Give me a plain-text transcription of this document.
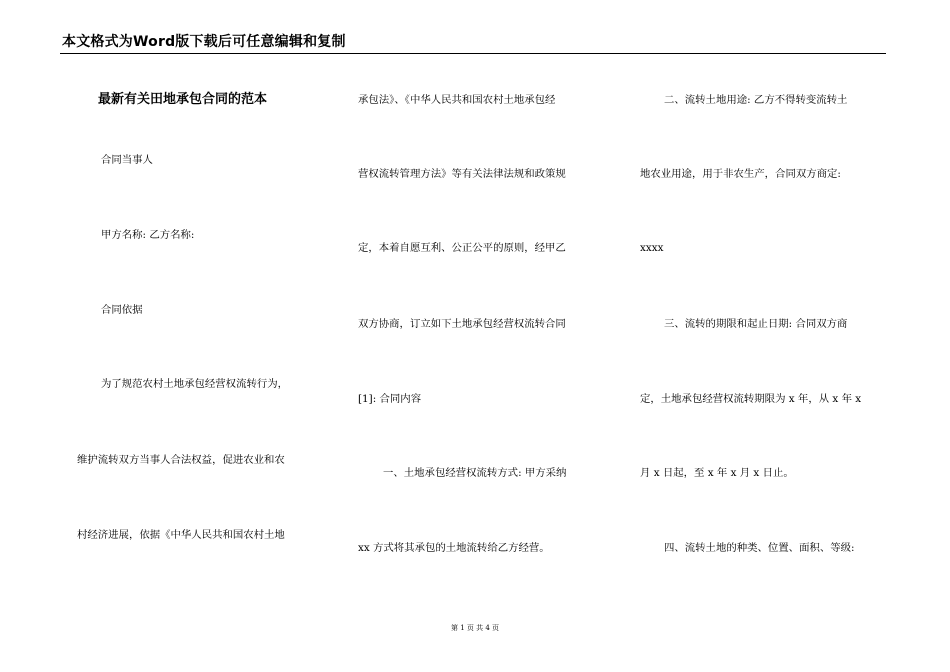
本文格式为Word版下载后可任意编辑和复制
最新有关田地承包合同的范本
合同当事人
甲方名称: 乙方名称:
合同依据
为了规范农村土地承包经营权流转行为，
维护流转双方当事人合法权益，促进农业和农
村经济进展，依据《中华人民共和国农村土地
承包法》、《中华人民共和国农村土地承包经
营权流转管理方法》等有关法律法规和政策规
定，本着自愿互利、公正公平的原则，经甲乙
双方协商，订立如下土地承包经营权流转合同
[1]: 合同内容
一、土地承包经营权流转方式: 甲方采纳
xx 方式将其承包的土地流转给乙方经营。
二、流转土地用途: 乙方不得转变流转土
地农业用途，用于非农生产，合同双方商定:
xxxx
三、流转的期限和起止日期: 合同双方商
定，土地承包经营权流转期限为 x 年，从 x 年 x
月 x 日起，至 x 年 x 月 x 日止。
四、流转土地的种类、位置、面积、等级:
第 1 页 共 4 页
